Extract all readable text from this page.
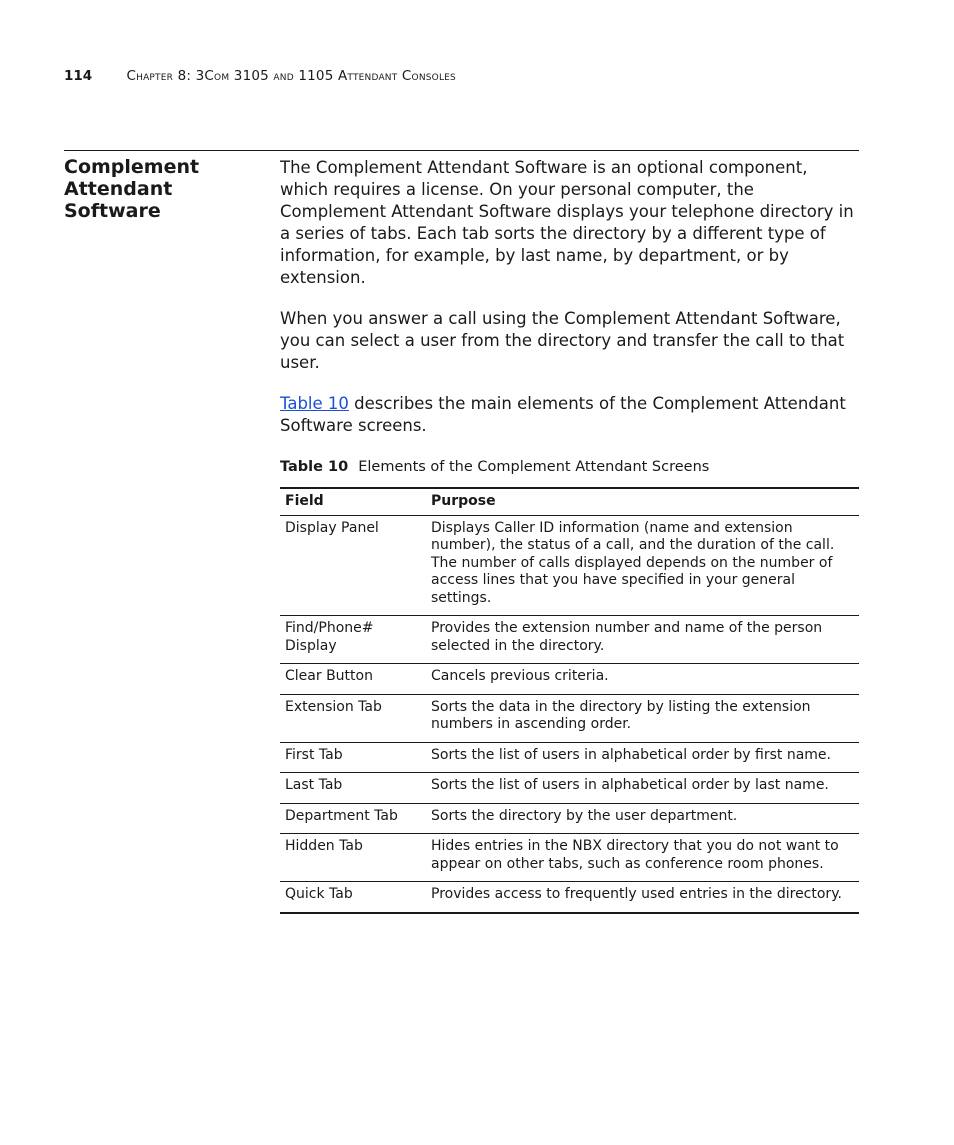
114	Chapter 8: 3Com 3105 and 1105 Attendant Consoles
Complement Attendant Software

The Complement Attendant Software is an optional component, which requires a license. On your personal computer, the Complement Attendant Software displays your telephone directory in a series of tabs. Each tab sorts the directory by a different type of information, for example, by last name, by department, or by extension.

When you answer a call using the Complement Attendant Software, you can select a user from the directory and transfer the call to that user.

Table 10 describes the main elements of the Complement Attendant Software screens.

Table 10 Elements of the Complement Attendant Screens
Field	Purpose
Display Panel	Displays Caller ID information (name and extension number), the status of a call, and the duration of the call. The number of calls displayed depends on the number of access lines that you have specified in your general settings.
Find/Phone# Display	Provides the extension number and name of the person selected in the directory.
Clear Button	Cancels previous criteria.
Extension Tab	Sorts the data in the directory by listing the extension numbers in ascending order.
First Tab	Sorts the list of users in alphabetical order by first name.
Last Tab	Sorts the list of users in alphabetical order by last name.
Department Tab	Sorts the directory by the user department.
Hidden Tab	Hides entries in the NBX directory that you do not want to appear on other tabs, such as conference room phones.
Quick Tab	Provides access to frequently used entries in the directory.
